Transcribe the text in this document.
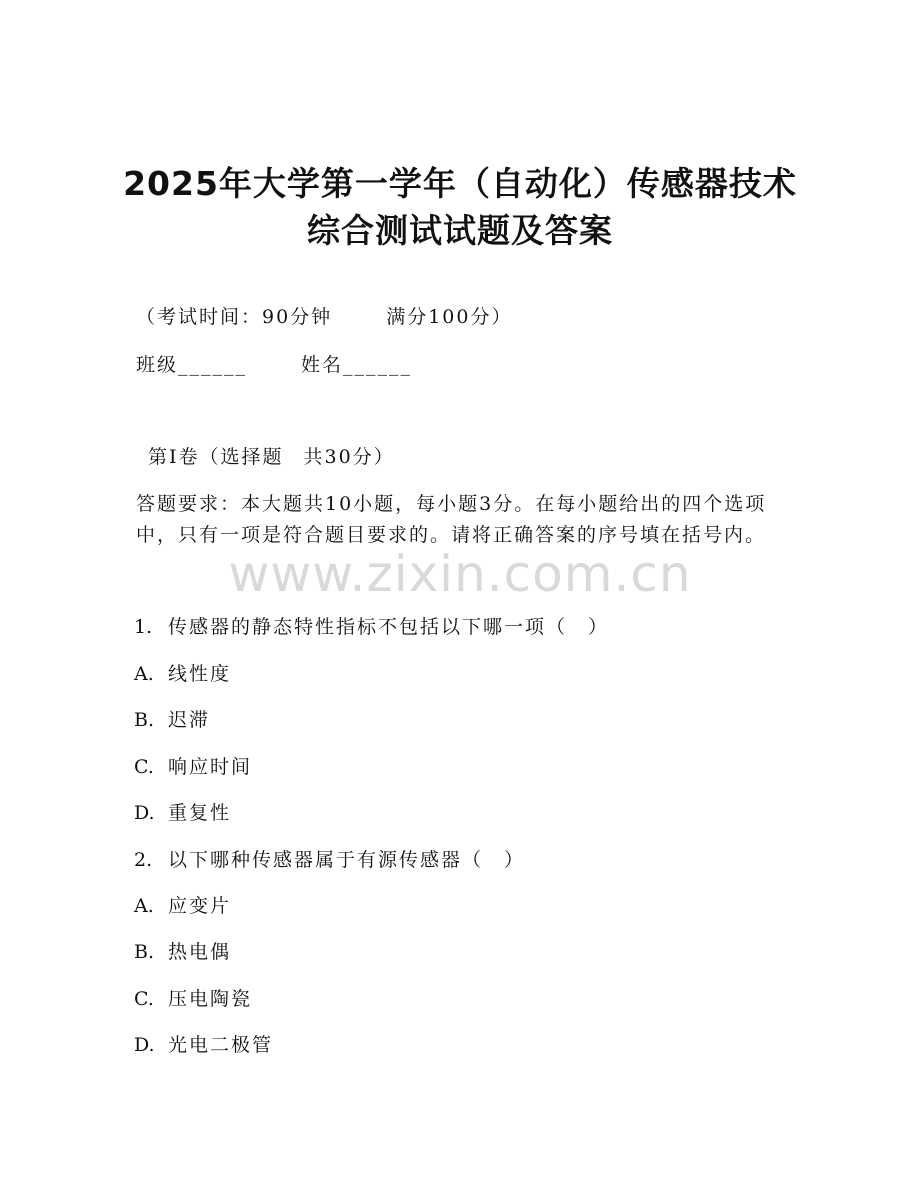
2025年大学第一学年（自动化）传感器技术
综合测试试题及答案
（考试时间：90分钟	满分100分）
班级______	姓名______
第I卷（选择题 共30分）
答题要求：本大题共10小题，每小题3分。在每小题给出的四个选项
中，只有一项是符合题目要求的。请将正确答案的序号填在括号内。
www.zixin.com.cn
1. 传感器的静态特性指标不包括以下哪一项（　）
A. 线性度
B. 迟滞
C. 响应时间
D. 重复性
2. 以下哪种传感器属于有源传感器（　）
A. 应变片
B. 热电偶
C. 压电陶瓷
D. 光电二极管
